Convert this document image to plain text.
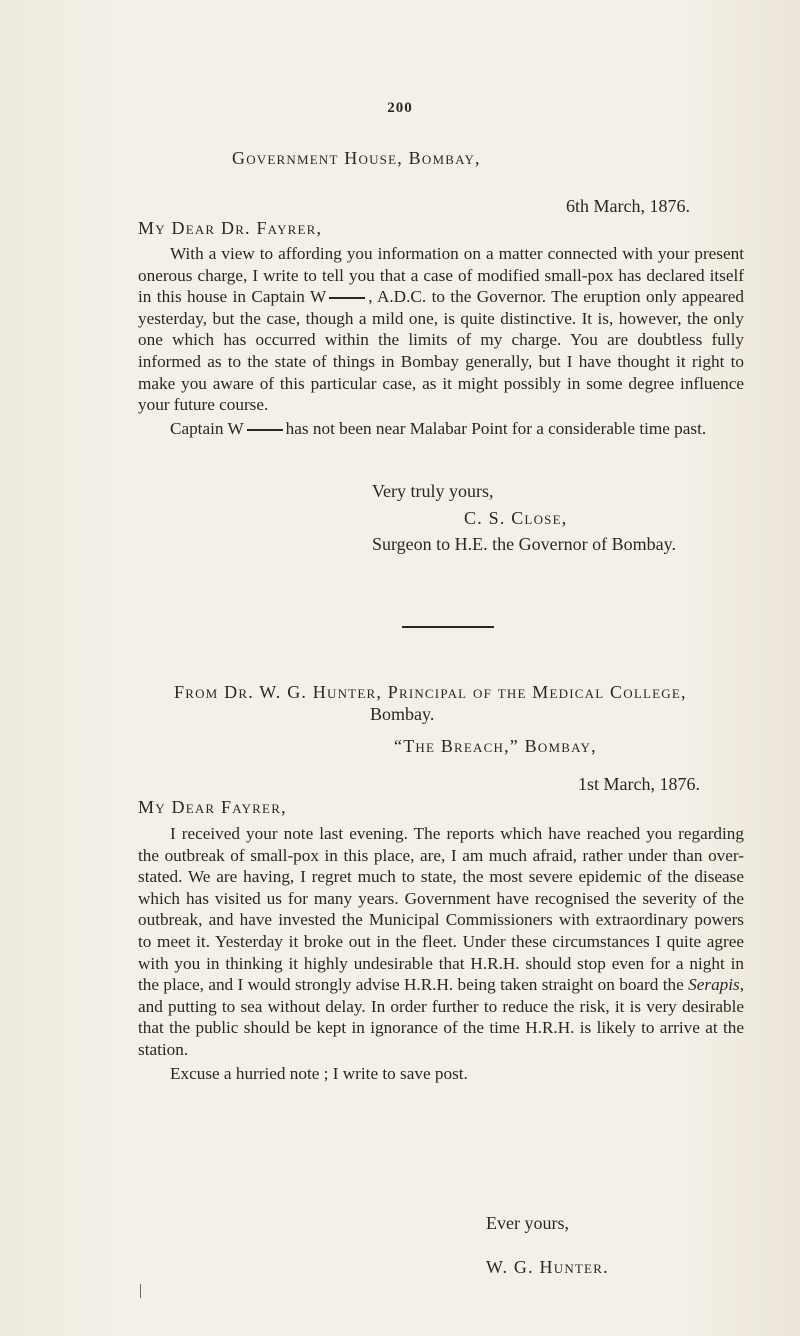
200
Government House, Bombay,
6th March, 1876.
My Dear Dr. Fayrer,

With a view to affording you information on a matter connected with your present onerous charge, I write to tell you that a case of modified small-pox has declared itself in this house in Captain W , A.D.C. to the Governor. The eruption only appeared yesterday, but the case, though a mild one, is quite distinctive. It is, however, the only one which has occurred within the limits of my charge. You are doubtless fully informed as to the state of things in Bombay generally, but I have thought it right to make you aware of this particular case, as it might possibly in some degree influence your future course.

Captain W has not been near Malabar Point for a considerable time past.

Very truly yours,
C. S. Close,
Surgeon to H.E. the Governor of Bombay.
From Dr. W. G. Hunter, Principal of the Medical College,
Bombay.
“The Breach,” Bombay,
1st March, 1876.
My Dear Fayrer,

I received your note last evening. The reports which have reached you regarding the outbreak of small-pox in this place, are, I am much afraid, rather under than over-stated. We are having, I regret much to state, the most severe epidemic of the disease which has visited us for many years. Government have recognised the severity of the outbreak, and have invested the Municipal Commissioners with extraordinary powers to meet it. Yesterday it broke out in the fleet. Under these circumstances I quite agree with you in thinking it highly undesirable that H.R.H. should stop even for a night in the place, and I would strongly advise H.R.H. being taken straight on board the Serapis, and putting to sea without delay. In order further to reduce the risk, it is very desirable that the public should be kept in ignorance of the time H.R.H. is likely to arrive at the station.

Excuse a hurried note ; I write to save post.

Ever yours,
W. G. Hunter.
